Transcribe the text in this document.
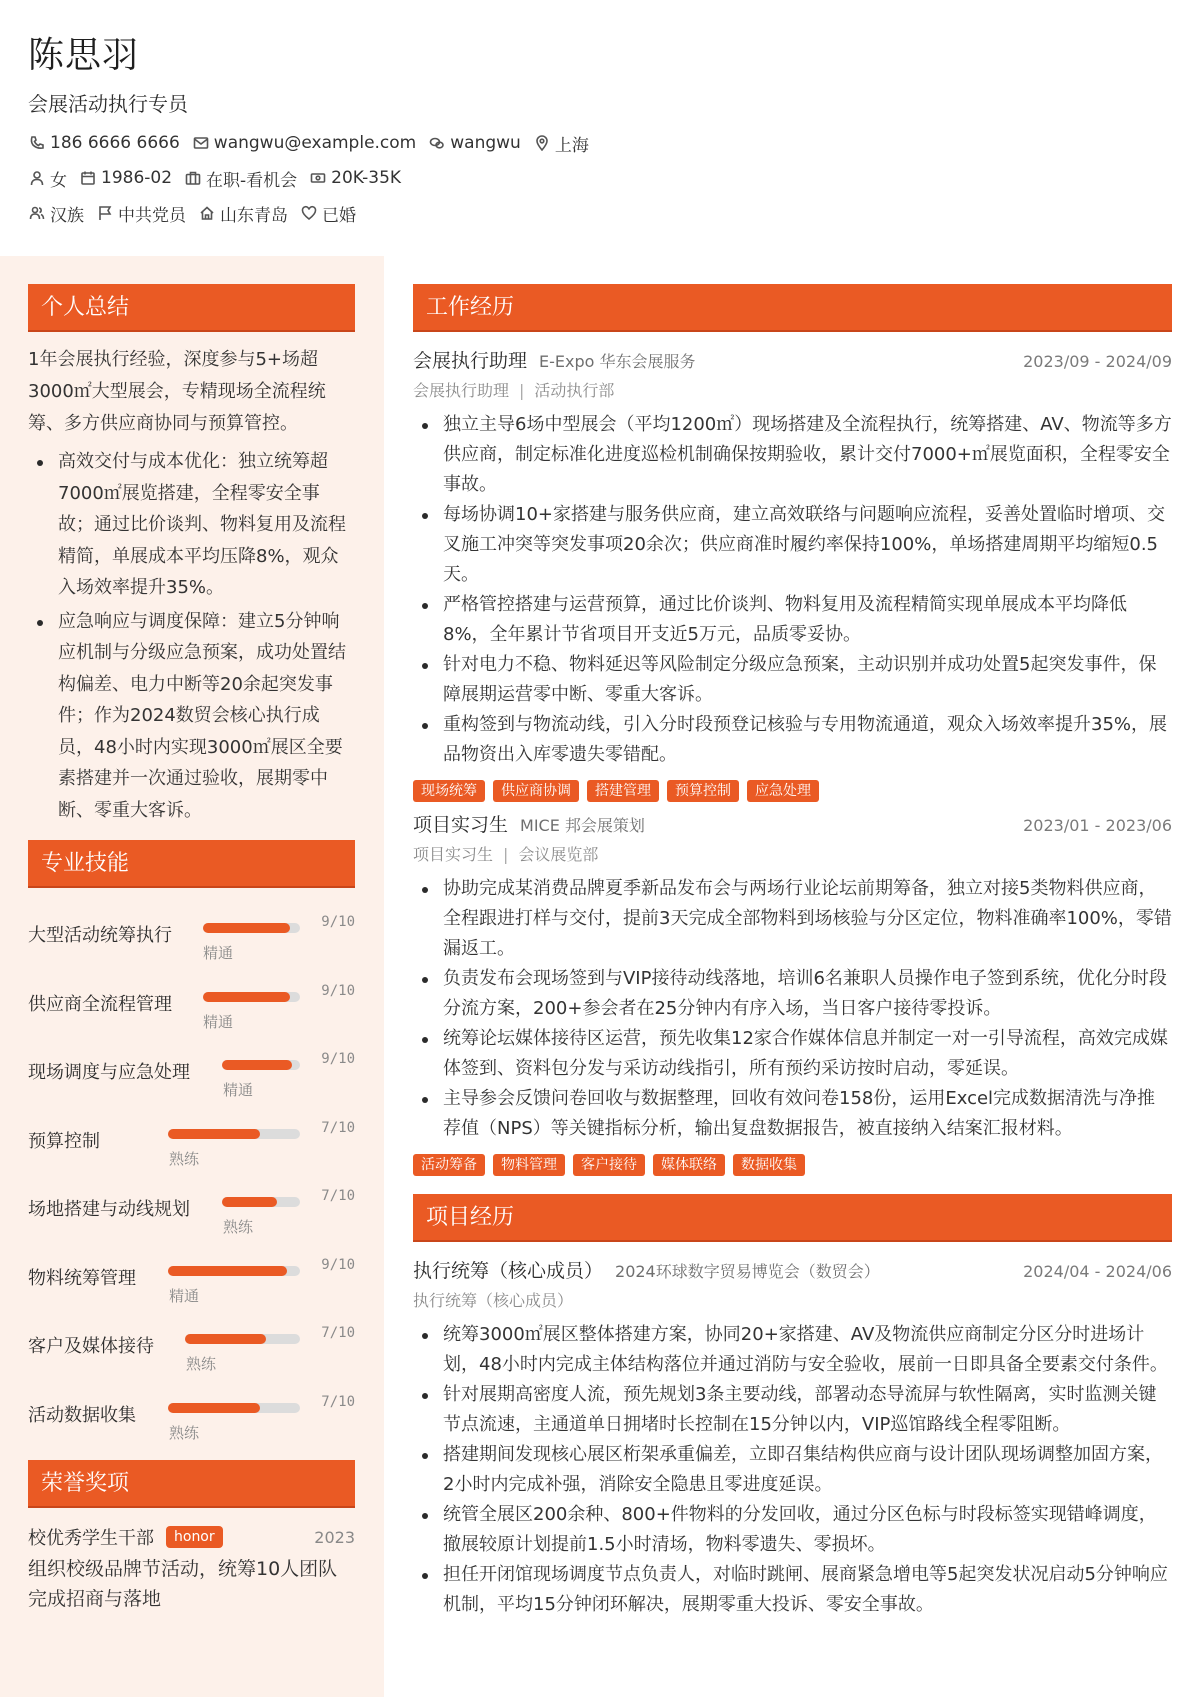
陈思羽
会展活动执行专员
186 6666 6666 wangwu@example.com wangwu 上海
女 1986-02 在职-看机会 20K-35K
汉族 中共党员 山东青岛 已婚
个人总结
1年会展执行经验，深度参与5+场超3000㎡大型展会，专精现场全流程统筹、多方供应商协同与预算管控。
高效交付与成本优化：独立统筹超7000㎡展览搭建，全程零安全事故；通过比价谈判、物料复用及流程精简，单展成本平均压降8%，观众入场效率提升35%。
应急响应与调度保障：建立5分钟响应机制与分级应急预案，成功处置结构偏差、电力中断等20余起突发事件；作为2024数贸会核心执行成员，48小时内实现3000㎡展区全要素搭建并一次通过验收，展期零中断、零重大客诉。
专业技能
大型活动统筹执行
9/10
精通
供应商全流程管理
9/10
精通
现场调度与应急处理
9/10
精通
预算控制
7/10
熟练
场地搭建与动线规划
7/10
熟练
物料统筹管理
9/10
精通
客户及媒体接待
7/10
熟练
活动数据收集
7/10
熟练
荣誉奖项
校优秀学生干部	honor	2023
组织校级品牌节活动，统筹10人团队完成招商与落地
工作经历
会展执行助理 E-Expo 华东会展服务	2023/09 - 2024/09
会展执行助理 | 活动执行部
独立主导6场中型展会（平均1200㎡）现场搭建及全流程执行，统筹搭建、AV、物流等多方供应商，制定标准化进度巡检机制确保按期验收，累计交付7000+㎡展览面积，全程零安全事故。
每场协调10+家搭建与服务供应商，建立高效联络与问题响应流程，妥善处置临时增项、交叉施工冲突等突发事项20余次；供应商准时履约率保持100%，单场搭建周期平均缩短0.5天。
严格管控搭建与运营预算，通过比价谈判、物料复用及流程精简实现单展成本平均降低8%，全年累计节省项目开支近5万元，品质零妥协。
针对电力不稳、物料延迟等风险制定分级应急预案，主动识别并成功处置5起突发事件，保障展期运营零中断、零重大客诉。
重构签到与物流动线，引入分时段预登记核验与专用物流通道，观众入场效率提升35%，展品物资出入库零遗失零错配。
现场统筹	供应商协调	搭建管理	预算控制	应急处理
项目实习生 MICE 邦会展策划	2023/01 - 2023/06
项目实习生 | 会议展览部
协助完成某消费品牌夏季新品发布会与两场行业论坛前期筹备，独立对接5类物料供应商，全程跟进打样与交付，提前3天完成全部物料到场核验与分区定位，物料准确率100%，零错漏返工。
负责发布会现场签到与VIP接待动线落地，培训6名兼职人员操作电子签到系统，优化分时段分流方案，200+参会者在25分钟内有序入场，当日客户接待零投诉。
统筹论坛媒体接待区运营，预先收集12家合作媒体信息并制定一对一引导流程，高效完成媒体签到、资料包分发与采访动线指引，所有预约采访按时启动，零延误。
主导参会反馈问卷回收与数据整理，回收有效问卷158份，运用Excel完成数据清洗与净推荐值（NPS）等关键指标分析，输出复盘数据报告，被直接纳入结案汇报材料。
活动筹备	物料管理	客户接待	媒体联络	数据收集
项目经历
执行统筹（核心成员） 2024环球数字贸易博览会（数贸会）	2024/04 - 2024/06
执行统筹（核心成员）
统筹3000㎡展区整体搭建方案，协同20+家搭建、AV及物流供应商制定分区分时进场计划，48小时内完成主体结构落位并通过消防与安全验收，展前一日即具备全要素交付条件。
针对展期高密度人流，预先规划3条主要动线，部署动态导流屏与软性隔离，实时监测关键节点流速，主通道单日拥堵时长控制在15分钟以内，VIP巡馆路线全程零阻断。
搭建期间发现核心展区桁架承重偏差，立即召集结构供应商与设计团队现场调整加固方案，2小时内完成补强，消除安全隐患且零进度延误。
统管全展区200余种、800+件物料的分发回收，通过分区色标与时段标签实现错峰调度，撤展较原计划提前1.5小时清场，物料零遗失、零损坏。
担任开闭馆现场调度节点负责人，对临时跳闸、展商紧急增电等5起突发状况启动5分钟响应机制，平均15分钟闭环解决，展期零重大投诉、零安全事故。
